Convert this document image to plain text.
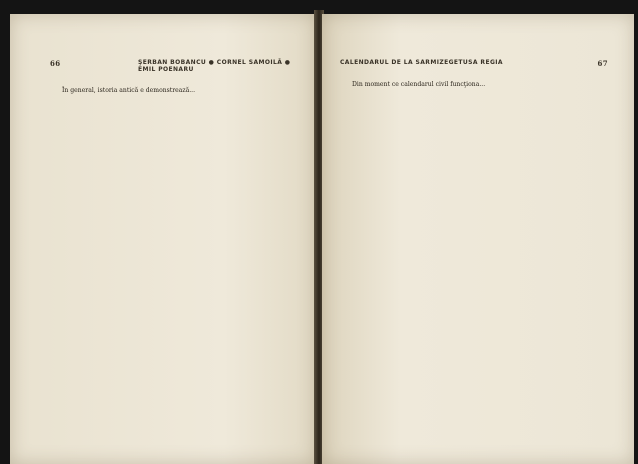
66	ŞERBAN BOBANCU ● CORNEL SAMOILĂ ● EMIL POENARU

În general, istoria antică e demonstrează...

CALENDARUL DE LA SARMIZEGETUSA REGIA	67

Din moment ce calendarul civil funcţiona...
